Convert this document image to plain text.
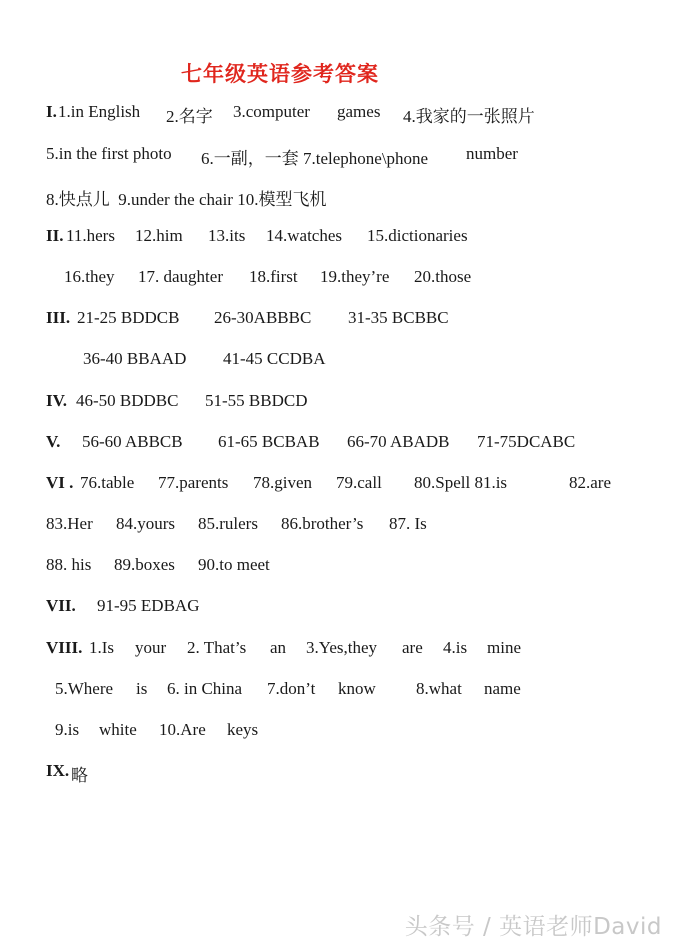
七年级英语参考答案
I. 1.in English 2.名字 3.computer games 4.我家的一张照片
5.in the first photo 6.一副，一套 7.telephone\phone number
8.快点儿  9.under the chair 10.模型飞机
II. 11.hers 12.him 13.its 14.watches 15.dictionaries
16.they 17. daughter 18.first 19.they’re 20.those
III. 21-25 BDDCB 26-30ABBBC 31-35 BCBBC
36-40 BBAAD 41-45 CCDBA
IV. 46-50 BDDBC 51-55 BBDCD
V. 56-60 ABBCB 61-65 BCBAB 66-70 ABADB 71-75DCABC
VI . 76.table 77.parents 78.given 79.call 80.Spell 81.is	82.are
83.Her 84.yours 85.rulers 86.brother’s 87. Is
88. his 89.boxes 90.to meet
VII. 91-95 EDBAG
VIII. 1.Is your 2. That’s an 3.Yes,they are 4.is mine
5.Where is 6. in China 7.don’t know 8.what name
9.is white 10.Are keys
IX. 略
头条号 / 英语老师David
